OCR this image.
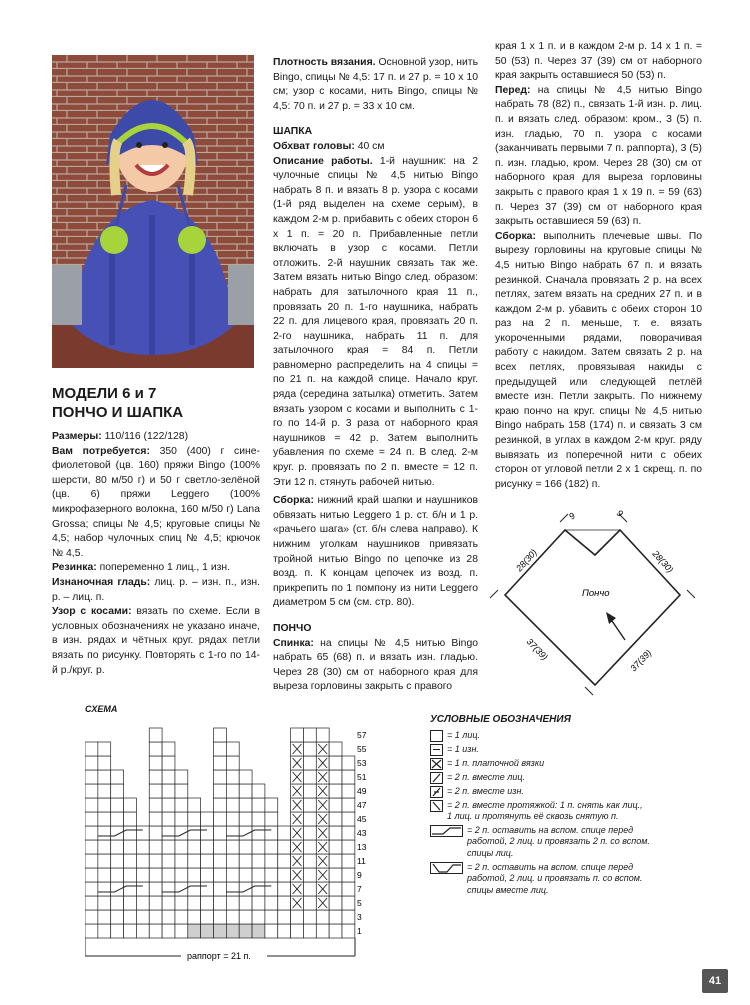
МОДЕЛИ 6 и 7
ПОНЧО И ШАПКА

Размеры: 110/116 (122/128)

Вам потребуется: 350 (400) г сине-фиолетовой (цв. 160) пряжи Bingo (100% шерсти, 80 м/50 г) и 50 г светло-зелёной (цв. 6) пряжи Leggero (100% микрофазерного волокна, 160 м/50 г) Lana Grossa; спицы № 4,5; круговые спицы № 4,5; набор чулочных спиц № 4,5; крючок № 4,5.

Резинка: попеременно 1 лиц., 1 изн.

Изнаночная гладь: лиц. р. – изн. п., изн. р. – лиц. п.

Узор с косами: вязать по схеме. Если в условных обозначениях не указано иначе, в изн. рядах и чётных круг. рядах петли вязать по рисунку. Повторять с 1-го по 14-й р./круг. р.

Плотность вязания. Основной узор, нить Bingo, спицы № 4,5: 17 п. и 27 р. = 10 х 10 см; узор с косами, нить Bingo, спицы № 4,5: 70 п. и 27 р. = 33 х 10 см.

ШАПКА

Обхват головы: 40 см

Описание работы. 1-й наушник: на 2 чулочные спицы № 4,5 нитью Bingo набрать 8 п. и вязать 8 р. узора с косами (1-й ряд выделен на схеме серым), в каждом 2-м р. прибавить с обеих сторон 6 х 1 п. = 20 п. Прибавленные петли включать в узор с косами. Петли отложить. 2-й наушник связать так же. Затем вязать нитью Bingo след. образом: набрать для затылочного края 11 п., провязать 20 п. 1-го наушника, набрать 22 п. для лицевого края, провязать 20 п. 2-го наушника, набрать 11 п. для затылочного края = 84 п. Петли равномерно распределить на 4 спицы = по 21 п. на каждой спице. Начало круг. ряда (середина затылка) отметить. Затем вязать узором с косами и выполнить с 1-го по 14-й р. 3 раза от наборного края наушников = 42 р. Затем выполнить убавления по схеме = 24 п. В след. 2-м круг. р. провязать по 2 п. вместе = 12 п. Эти 12 п. стянуть рабочей нитью.

Сборка: нижний край шапки и наушников обвязать нитью Leggero 1 р. ст. б/н и 1 р. «рачьего шага» (ст. б/н слева направо). К нижним уголкам наушников привязать тройной нитью Bingo по цепочке из 28 возд. п. К концам цепочек из возд. п. прикрепить по 1 помпону из нити Leggero диаметром 5 см (см. стр. 80).

ПОНЧО

Спинка: на спицы № 4,5 нитью Bingo набрать 65 (68) п. и вязать изн. гладью. Через 28 (30) см от наборного края для выреза горловины закрыть с правого

края 1 х 1 п. и в каждом 2-м р. 14 х 1 п. = 50 (53) п. Через 37 (39) см от наборного края закрыть оставшиеся 50 (53) п.

Перед: на спицы № 4,5 нитью Bingo набрать 78 (82) п., связать 1-й изн. р. лиц. п. и вязать след. образом: кром., 3 (5) п. изн. гладью, 70 п. узора с косами (заканчивать первыми 7 п. раппорта), 3 (5) п. изн. гладью, кром. Через 28 (30) см от наборного края для выреза горловины закрыть с правого края 1 х 19 п. = 59 (63) п. Через 37 (39) см от наборного края закрыть оставшиеся 59 (63) п.

Сборка: выполнить плечевые швы. По вырезу горловины на круговые спицы № 4,5 нитью Bingo набрать 67 п. и вязать резинкой. Сначала провязать 2 р. на всех петлях, затем вязать на средних 27 п. и в каждом 2-м р. убавить с обеих сторон 10 раз на 2 п. меньше, т. е. вязать укороченными рядами, поворачивая работу с накидом. Затем связать 2 р. на всех петлях, провязывая накиды с предыдущей или следующей петлёй вместе изн. Петли закрыть. По нижнему краю пончо на круг. спицы № 4,5 нитью Bingo набрать 158 (174) п. и связать 3 см резинкой, в углах в каждом 2-м круг. ряду вывязать из поперечной нити с обеих сторон от угловой петли 2 х 1 скрещ. п. по рисунку = 166 (182) п.

Пончо
9	9
28(30)	28(30)
37(39)	37(39)
СХЕМА
57
55
53
51
49
47
45
43
13
11
9
7
5
3
1
раппорт = 21 п.
УСЛОВНЫЕ ОБОЗНАЧЕНИЯ
= 1 лиц.
= 1 изн.
= 1 п. платочной вязки
= 2 п. вместе лиц.
= 2 п. вместе изн.
= 2 п. вместе протяжкой: 1 п. снять как лиц., 1 лиц. и протянуть её сквозь снятую п.
= 2 п. оставить на вспом. спице перед работой, 2 лиц. и провязать 2 п. со вспом. спицы лиц.
= 2 п. оставить на вспом. спице перед работой, 2 лиц. и провязать п. со вспом. спицы вместе лиц.
41
